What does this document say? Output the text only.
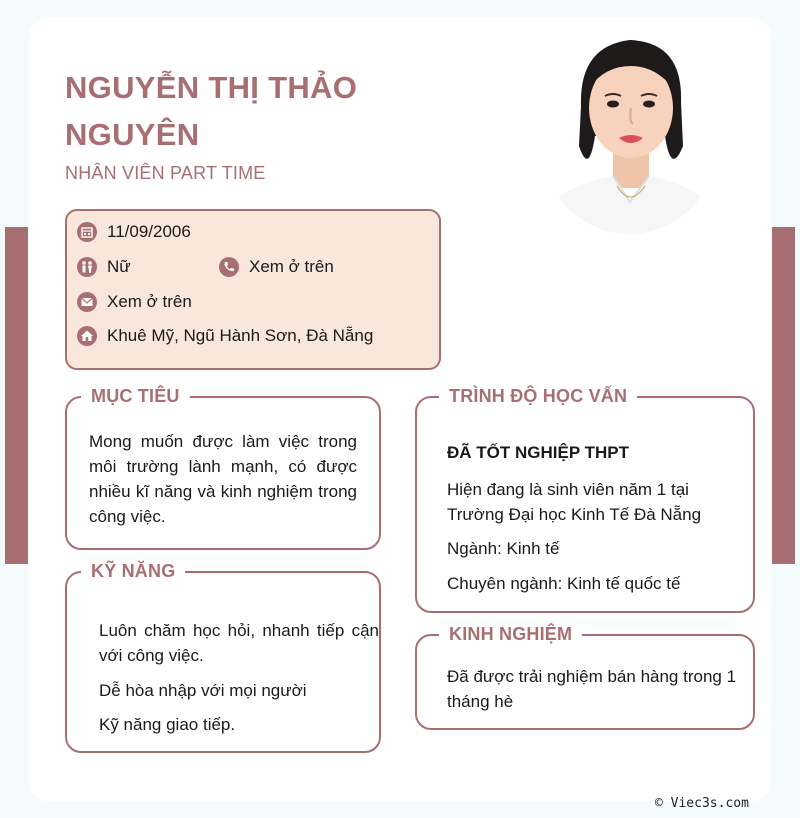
NGUYỄN THỊ THẢO NGUYÊN
NHÂN VIÊN PART TIME
11/09/2006
Nữ	Xem ở trên
Xem ở trên
Khuê Mỹ, Ngũ Hành Sơn, Đà Nẵng
MỤC TIÊU
Mong muốn được làm việc trong môi trường lành mạnh, có được nhiều kĩ năng và kinh nghiệm trong công việc.
KỸ NĂNG
Luôn chăm học hỏi, nhanh tiếp cận với công việc.
Dễ hòa nhập với mọi người
Kỹ năng giao tiếp.
TRÌNH ĐỘ HỌC VẤN
ĐÃ TỐT NGHIỆP THPT
Hiện đang là sinh viên năm 1 tại Trường Đại học Kinh Tế Đà Nẵng
Ngành: Kinh tế
Chuyên ngành: Kinh tế quốc tế
KINH NGHIỆM
Đã được trải nghiệm bán hàng trong 1 tháng hè
© Viec3s.com
